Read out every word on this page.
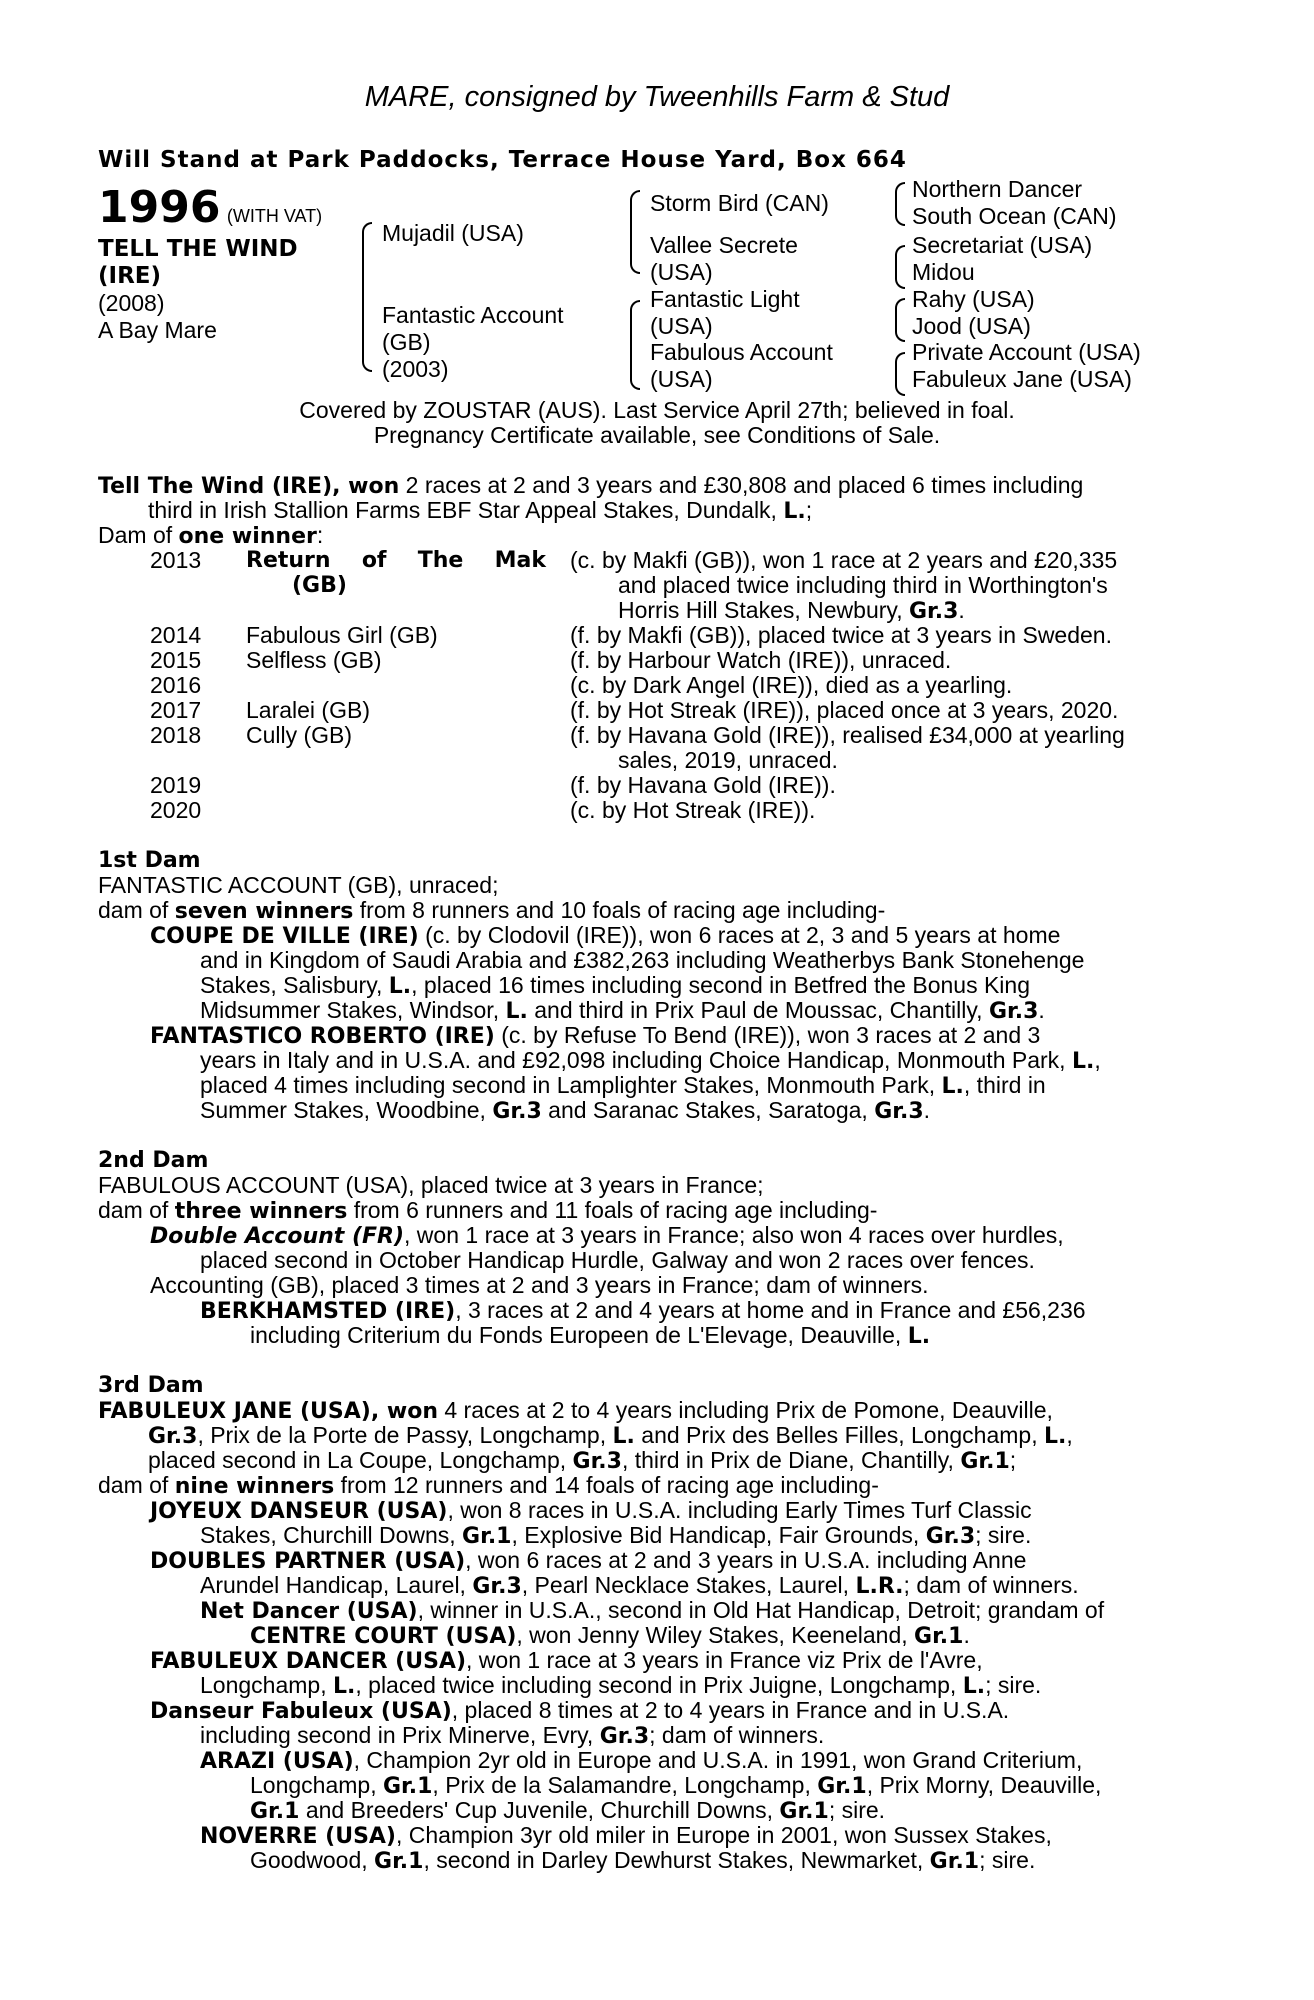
MARE, consigned by Tweenhills Farm & Stud
Will Stand at Park Paddocks, Terrace House Yard, Box 664
1996 (WITH VAT)
TELL THE WIND
(IRE)
(2008)
A Bay Mare
Mujadil (USA)
Fantastic Account
(GB)
(2003)
Storm Bird (CAN)
Vallee Secrete
(USA)
Fantastic Light
(USA)
Fabulous Account
(USA)
Northern Dancer
South Ocean (CAN)
Secretariat (USA)
Midou
Rahy (USA)
Jood (USA)
Private Account (USA)
Fabuleux Jane (USA)
Covered by ZOUSTAR (AUS). Last Service April 27th; believed in foal.
Pregnancy Certificate available, see Conditions of Sale.
Tell The Wind (IRE), won 2 races at 2 and 3 years and £30,808 and placed 6 times including
third in Irish Stallion Farms EBF Star Appeal Stakes, Dundalk, L.;
Dam of one winner:
2013 Return of The Mak
(GB)
(c. by Makfi (GB)), won 1 race at 2 years and £20,335
and placed twice including third in Worthington's
Horris Hill Stakes, Newbury, Gr.3.
2014 Fabulous Girl (GB)	(f. by Makfi (GB)), placed twice at 3 years in Sweden.
2015 Selfless (GB)	(f. by Harbour Watch (IRE)), unraced.
2016	(c. by Dark Angel (IRE)), died as a yearling.
2017 Laralei (GB)	(f. by Hot Streak (IRE)), placed once at 3 years, 2020.
2018 Cully (GB)	(f. by Havana Gold (IRE)), realised £34,000 at yearling
sales, 2019, unraced.
2019	(f. by Havana Gold (IRE)).
2020	(c. by Hot Streak (IRE)).
1st Dam
FANTASTIC ACCOUNT (GB), unraced;
dam of seven winners from 8 runners and 10 foals of racing age including-
COUPE DE VILLE (IRE) (c. by Clodovil (IRE)), won 6 races at 2, 3 and 5 years at home
and in Kingdom of Saudi Arabia and £382,263 including Weatherbys Bank Stonehenge
Stakes, Salisbury, L., placed 16 times including second in Betfred the Bonus King
Midsummer Stakes, Windsor, L. and third in Prix Paul de Moussac, Chantilly, Gr.3.
FANTASTICO ROBERTO (IRE) (c. by Refuse To Bend (IRE)), won 3 races at 2 and 3
years in Italy and in U.S.A. and £92,098 including Choice Handicap, Monmouth Park, L.,
placed 4 times including second in Lamplighter Stakes, Monmouth Park, L., third in
Summer Stakes, Woodbine, Gr.3 and Saranac Stakes, Saratoga, Gr.3.
2nd Dam
FABULOUS ACCOUNT (USA), placed twice at 3 years in France;
dam of three winners from 6 runners and 11 foals of racing age including-
Double Account (FR), won 1 race at 3 years in France; also won 4 races over hurdles,
placed second in October Handicap Hurdle, Galway and won 2 races over fences.
Accounting (GB), placed 3 times at 2 and 3 years in France; dam of winners.
BERKHAMSTED (IRE), 3 races at 2 and 4 years at home and in France and £56,236
including Criterium du Fonds Europeen de L'Elevage, Deauville, L.
3rd Dam
FABULEUX JANE (USA), won 4 races at 2 to 4 years including Prix de Pomone, Deauville,
Gr.3, Prix de la Porte de Passy, Longchamp, L. and Prix des Belles Filles, Longchamp, L.,
placed second in La Coupe, Longchamp, Gr.3, third in Prix de Diane, Chantilly, Gr.1;
dam of nine winners from 12 runners and 14 foals of racing age including-
JOYEUX DANSEUR (USA), won 8 races in U.S.A. including Early Times Turf Classic
Stakes, Churchill Downs, Gr.1, Explosive Bid Handicap, Fair Grounds, Gr.3; sire.
DOUBLES PARTNER (USA), won 6 races at 2 and 3 years in U.S.A. including Anne
Arundel Handicap, Laurel, Gr.3, Pearl Necklace Stakes, Laurel, L.R.; dam of winners.
Net Dancer (USA), winner in U.S.A., second in Old Hat Handicap, Detroit; grandam of
CENTRE COURT (USA), won Jenny Wiley Stakes, Keeneland, Gr.1.
FABULEUX DANCER (USA), won 1 race at 3 years in France viz Prix de l'Avre,
Longchamp, L., placed twice including second in Prix Juigne, Longchamp, L.; sire.
Danseur Fabuleux (USA), placed 8 times at 2 to 4 years in France and in U.S.A.
including second in Prix Minerve, Evry, Gr.3; dam of winners.
ARAZI (USA), Champion 2yr old in Europe and U.S.A. in 1991, won Grand Criterium,
Longchamp, Gr.1, Prix de la Salamandre, Longchamp, Gr.1, Prix Morny, Deauville,
Gr.1 and Breeders' Cup Juvenile, Churchill Downs, Gr.1; sire.
NOVERRE (USA), Champion 3yr old miler in Europe in 2001, won Sussex Stakes,
Goodwood, Gr.1, second in Darley Dewhurst Stakes, Newmarket, Gr.1; sire.
